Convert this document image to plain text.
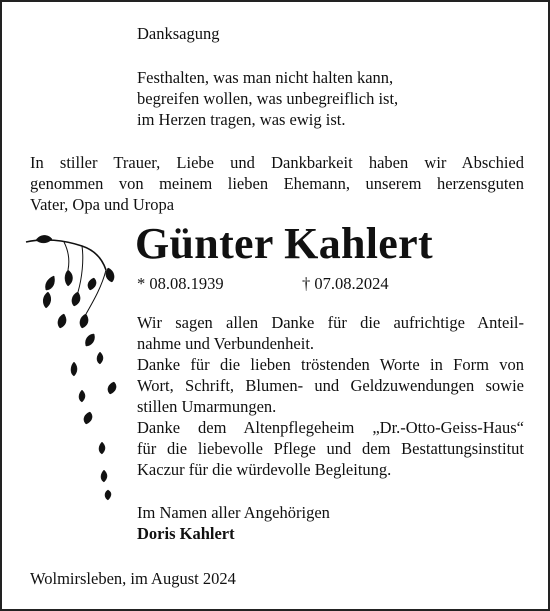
Danksagung
Festhalten, was man nicht halten kann,
begreifen wollen, was unbegreiflich ist,
im Herzen tragen, was ewig ist.
In stiller Trauer, Liebe und Dankbarkeit haben wir Abschied
genommen von meinem lieben Ehemann, unserem herzensguten
Vater, Opa und Uropa
Günter Kahlert
* 08.08.1939	† 07.08.2024
Wir sagen allen Danke für die aufrichtige Anteil-
nahme und Verbundenheit.
Danke für die lieben tröstenden Worte in Form von
Wort, Schrift, Blumen- und Geldzuwendungen sowie
stillen Umarmungen.
Danke dem Altenpflegeheim „Dr.-Otto-Geiss-Haus“
für die liebevolle Pflege und dem Bestattungsinstitut
Kaczur für die würdevolle Begleitung.
Im Namen aller Angehörigen
Doris Kahlert
Wolmirsleben, im August 2024
